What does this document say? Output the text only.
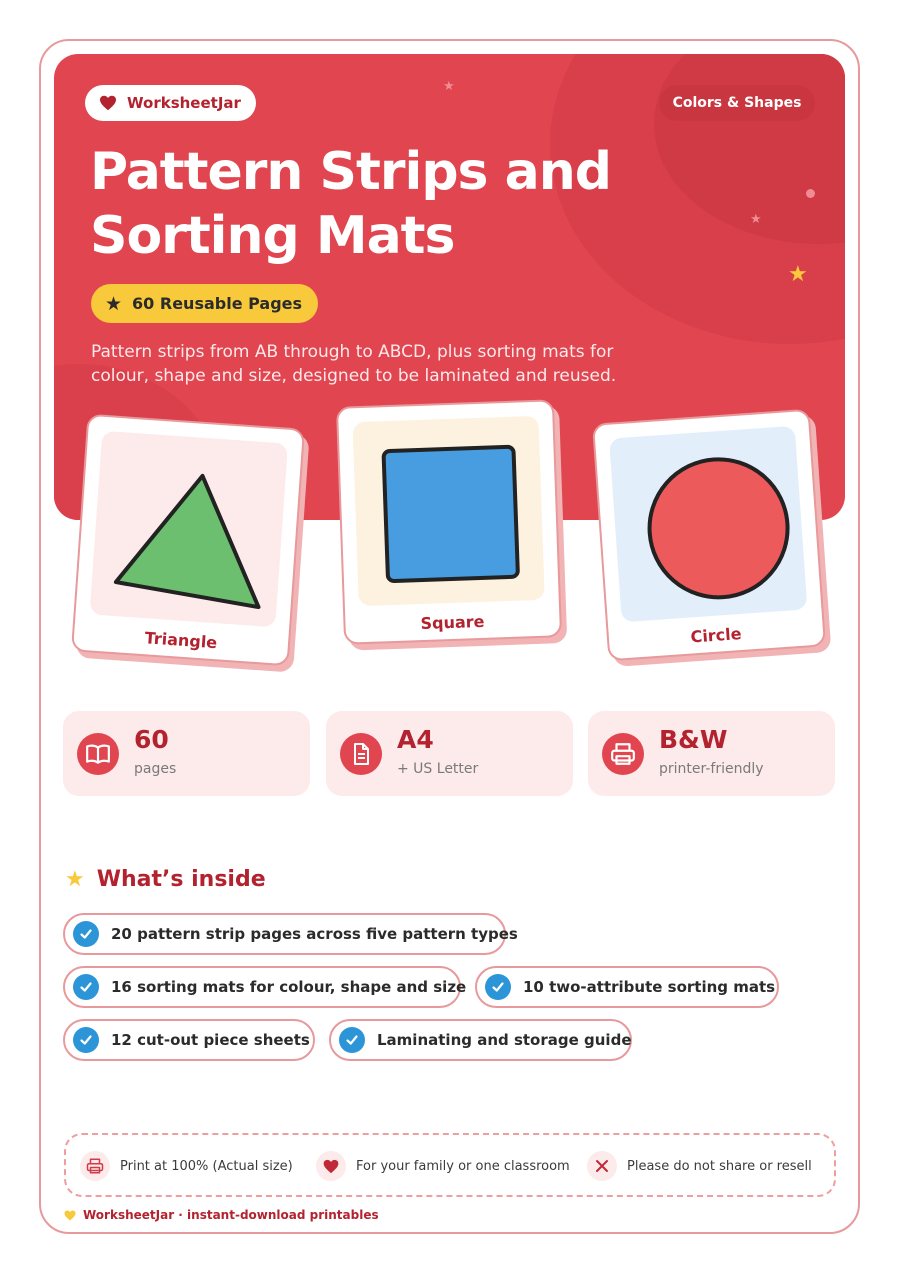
★
★
★
WorksheetJar	Colors & Shapes
Pattern Strips and
Sorting Mats
★ 60 Reusable Pages
Pattern strips from AB through to ABCD, plus sorting mats for colour, shape and size, designed to be laminated and reused.
Triangle
Square
Circle
60
pages
A4
+ US Letter
B&W
printer-friendly
★ What’s inside
20 pattern strip pages across five pattern types
16 sorting mats for colour, shape and size	10 two-attribute sorting mats
12 cut-out piece sheets	Laminating and storage guide
Print at 100% (Actual size)	For your family or one classroom	Please do not share or resell
WorksheetJar · instant-download printables
